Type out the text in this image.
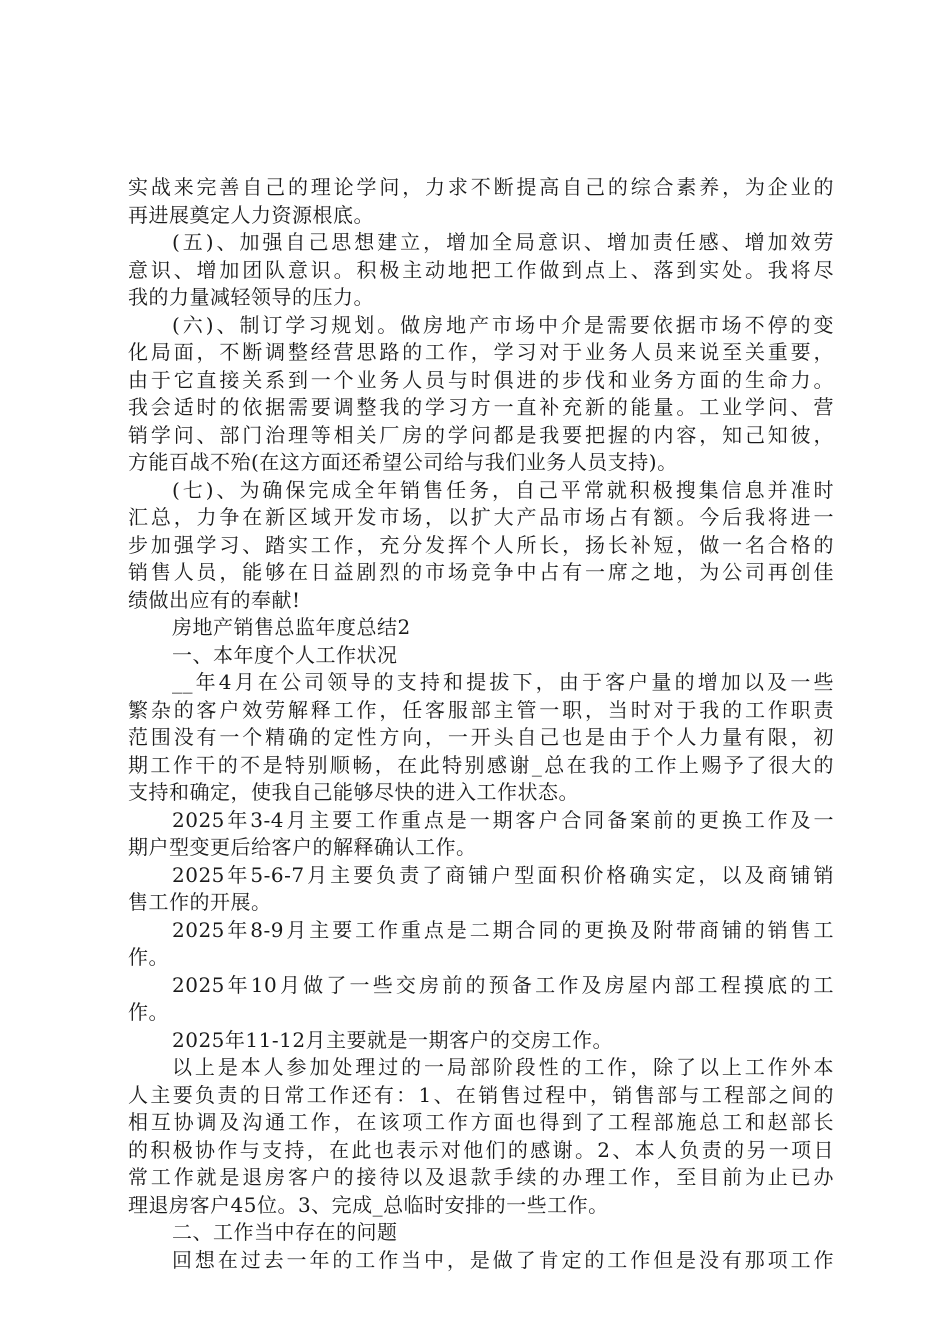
实战来完善自己的理论学问，力求不断提高自己的综合素养，为企业的
再进展奠定人力资源根底。
(五)、加强自己思想建立，增加全局意识、增加责任感、增加效劳
意识、增加团队意识。积极主动地把工作做到点上、落到实处。我将尽
我的力量减轻领导的压力。
(六)、制订学习规划。做房地产市场中介是需要依据市场不停的变
化局面，不断调整经营思路的工作，学习对于业务人员来说至关重要，
由于它直接关系到一个业务人员与时俱进的步伐和业务方面的生命力。
我会适时的依据需要调整我的学习方一直补充新的能量。工业学问、营
销学问、部门治理等相关厂房的学问都是我要把握的内容，知己知彼，
方能百战不殆(在这方面还希望公司给与我们业务人员支持)。
(七)、为确保完成全年销售任务，自己平常就积极搜集信息并准时
汇总，力争在新区域开发市场，以扩大产品市场占有额。今后我将进一
步加强学习、踏实工作，充分发挥个人所长，扬长补短，做一名合格的
销售人员，能够在日益剧烈的市场竞争中占有一席之地，为公司再创佳
绩做出应有的奉献!
房地产销售总监年度总结2
一、本年度个人工作状况
__年4月在公司领导的支持和提拔下，由于客户量的增加以及一些
繁杂的客户效劳解释工作，任客服部主管一职，当时对于我的工作职责
范围没有一个精确的定性方向，一开头自己也是由于个人力量有限，初
期工作干的不是特别顺畅，在此特别感谢_总在我的工作上赐予了很大的
支持和确定，使我自己能够尽快的进入工作状态。
2025年3-4月主要工作重点是一期客户合同备案前的更换工作及一
期户型变更后给客户的解释确认工作。
2025年5-6-7月主要负责了商铺户型面积价格确实定，以及商铺销
售工作的开展。
2025年8-9月主要工作重点是二期合同的更换及附带商铺的销售工
作。
2025年10月做了一些交房前的预备工作及房屋内部工程摸底的工
作。
2025年11-12月主要就是一期客户的交房工作。
以上是本人参加处理过的一局部阶段性的工作，除了以上工作外本
人主要负责的日常工作还有：1、在销售过程中，销售部与工程部之间的
相互协调及沟通工作，在该项工作方面也得到了工程部施总工和赵部长
的积极协作与支持，在此也表示对他们的感谢。2、本人负责的另一项日
常工作就是退房客户的接待以及退款手续的办理工作，至目前为止已办
理退房客户45位。3、完成_总临时安排的一些工作。
二、工作当中存在的问题
回想在过去一年的工作当中，是做了肯定的工作但是没有那项工作
